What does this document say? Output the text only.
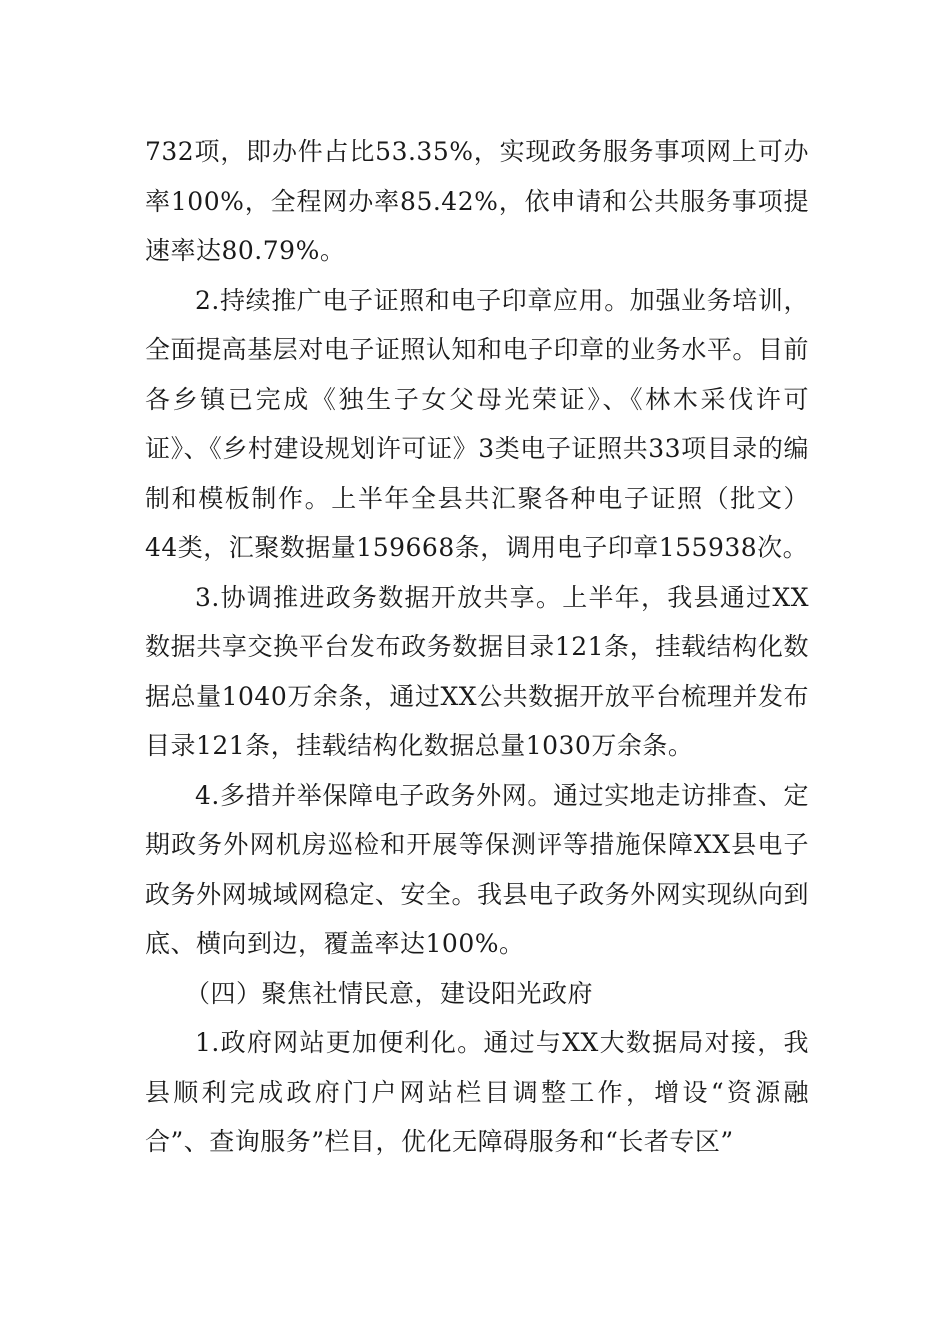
732项，即办件占比53.35%，实现政务服务事项网上可办率100%，全程网办率85.42%，依申请和公共服务事项提速率达80.79%。

2.持续推广电子证照和电子印章应用。加强业务培训，全面提高基层对电子证照认知和电子印章的业务水平。目前各乡镇已完成《独生子女父母光荣证》、《林木采伐许可证》、《乡村建设规划许可证》3类电子证照共33项目录的编制和模板制作。上半年全县共汇聚各种电子证照（批文）44类，汇聚数据量159668条，调用电子印章155938次。

3.协调推进政务数据开放共享。上半年，我县通过XX数据共享交换平台发布政务数据目录121条，挂载结构化数据总量1040万余条，通过XX公共数据开放平台梳理并发布目录121条，挂载结构化数据总量1030万余条。

4.多措并举保障电子政务外网。通过实地走访排查、定期政务外网机房巡检和开展等保测评等措施保障XX县电子政务外网城域网稳定、安全。我县电子政务外网实现纵向到底、横向到边，覆盖率达100%。

（四）聚焦社情民意，建设阳光政府

1.政府网站更加便利化。通过与XX大数据局对接，我县顺利完成政府门户网站栏目调整工作，增设“资源融合”、查询服务”栏目，优化无障碍服务和“长者专区”
